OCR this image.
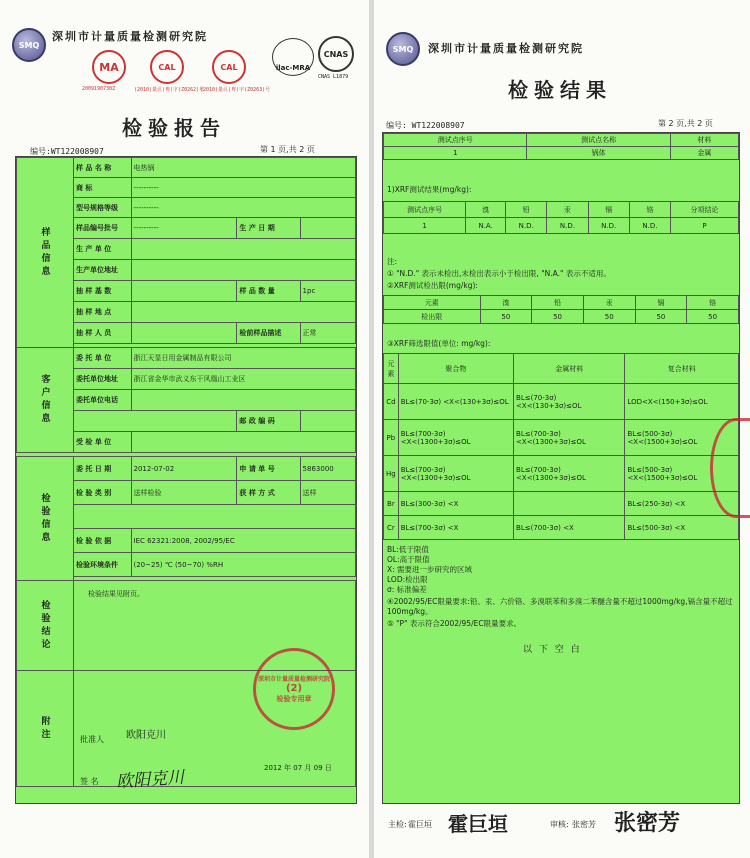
SMQ
深圳市计量质量检测研究院
MA
2009190730Z
CAL
(2010)量认(粤)字(Z0262)号
CAL
(2010)量认(粤)字(Z0263)号
ilac-MRA
CNAS
CNAS L1879
检验报告
编号:WT122008907	第 1 页,共 2 页
样品信息	样 品 名 称	电热锅		
	商 标	----------		
	型号规格等级	----------		
	样品编号批号	----------	生 产 日 期	
	生 产 单 位			
	生产单位地址			
	抽 样 基 数		样 品 数 量	1pc
	抽 样 地 点			
	抽 样 人 员		检前样品描述	正常

客户信息	委 托 单 位	浙江天显日用金属制品有限公司		
	委托单位地址	浙江省金华市武义东干风凰山工业区		
	委托单位电话			
			邮 政 编 码	
	受 检 单 位			

检验信息	委 托 日 期	2012-07-02	申 请 单 号	5863000
	检 验 类 别	送样检验	获 样 方 式	送样

	检 验 依 据	IEC 62321:2008, 2002/95/EC		
	检验环境条件	(20~25) ℃ (50~70) %RH		

检验结论	检验结果见附页。			
附注					批准人 欧阳克川
签 名 欧阳克川	2012 年 07 月 09 日
深圳市计量质量检测研究院
(2)
检验专用章
SMQ 深圳市计量质量检测研究院
检验结果
编号: WT122008907	第 2 页,共 2 页
测试点序号	测试点名称	材料
1	锅体	金属
1)XRF测试结果(mg/kg):
测试点序号	溴	铅	汞	镉	铬	分项结论
1	N.A.	N.D.	N.D.	N.D.	N.D.	P
注:
① "N.D." 表示未检出,未检出表示小于检出限, "N.A." 表示不适用。
②XRF测试检出限(mg/kg):
元素	溴	铅	汞	镉	铬
检出限	50	50	50	50	50
③XRF筛选限值(单位: mg/kg):
元素	聚合物	金属材料	复合材料
Cd	BL≤(70-3σ) <X<(130+3σ)≤OL	BL≤(70-3σ) <X<(130+3σ)≤OL	LOD<X<(150+3σ)≤OL
Pb	BL≤(700-3σ) <X<(1300+3σ)≤OL	BL≤(700-3σ) <X<(1300+3σ)≤OL	BL≤(500-3σ) <X<(1500+3σ)≤OL
Hg	BL≤(700-3σ) <X<(1300+3σ)≤OL	BL≤(700-3σ) <X<(1300+3σ)≤OL	BL≤(500-3σ) <X<(1500+3σ)≤OL
Br	BL≤(300-3σ) <X		BL≤(250-3σ) <X
Cr	BL≤(700-3σ) <X	BL≤(700-3σ) <X	BL≤(500-3σ) <X
BL:低于限值
OL:高于限值
X: 需要进一步研究的区域
LOD:检出限
σ: 标准偏差
④2002/95/EC限量要求:铅、汞、六价铬、多溴联苯和多溴二苯醚含量不超过1000mg/kg,镉含量不超过100mg/kg。
⑤ "P" 表示符合2002/95/EC限量要求。
以 下 空 白
主检: 霍巨垣 霍巨垣	审核: 张密芳 张密芳
